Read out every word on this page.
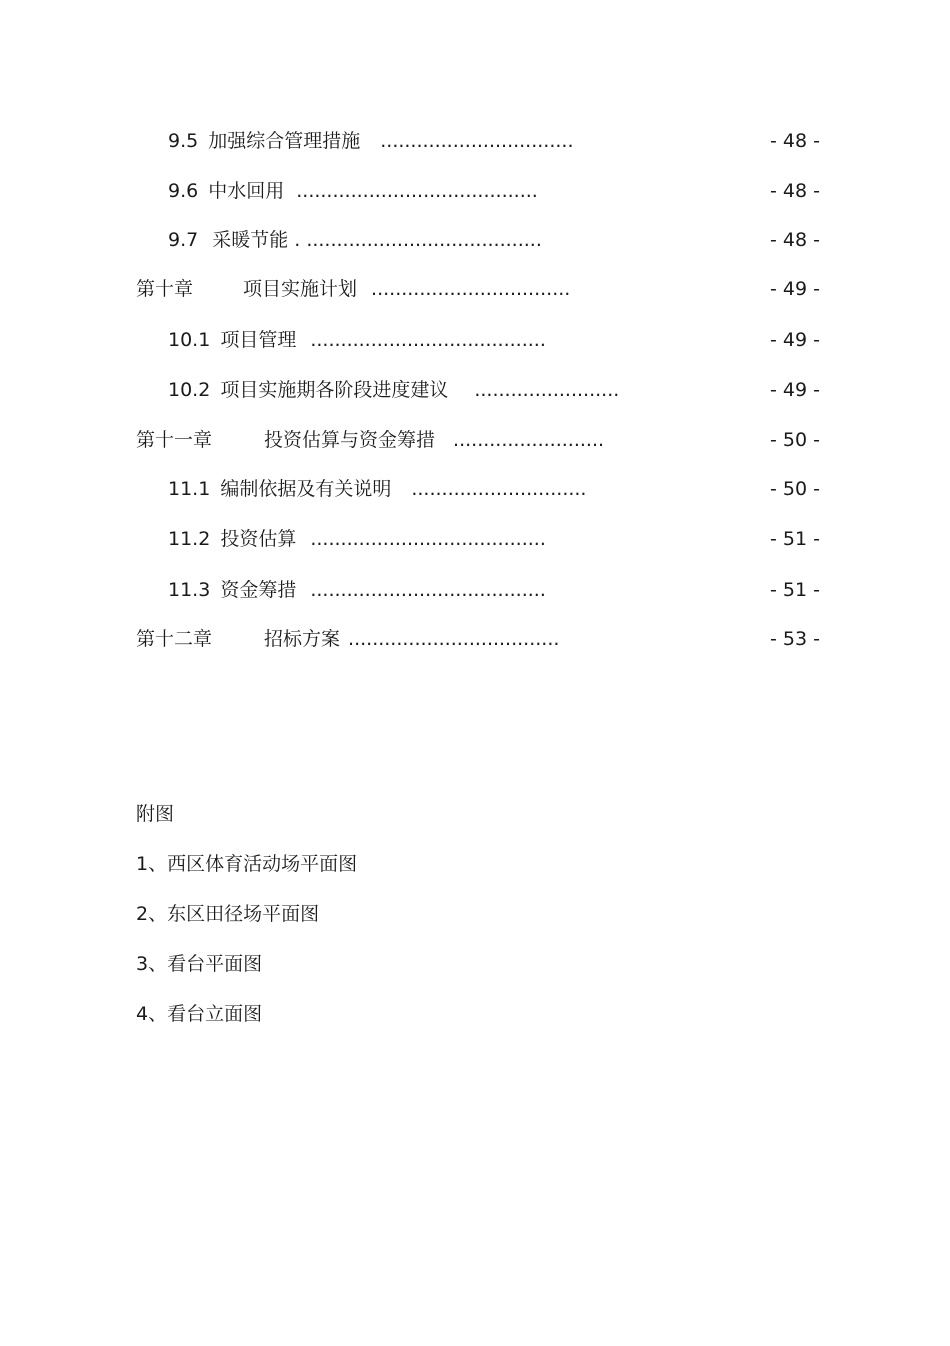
9.5 加强综合管理措施 ................................	- 48 -
9.6 中水回用 ........................................	- 48 -
9.7 采暖节能 . .......................................	- 48 -
第十章	项目实施计划 .................................	- 49 -
10.1 项目管理 .......................................	- 49 -
10.2 项目实施期各阶段进度建议 ........................	- 49 -
第十一章	投资估算与资金筹措 .........................	- 50 -
11.1 编制依据及有关说明 .............................	- 50 -
11.2 投资估算 .......................................	- 51 -
11.3 资金筹措 .......................................	- 51 -
第十二章	招标方案 ...................................	- 53 -
附图
1、西区体育活动场平面图
2、东区田径场平面图
3、看台平面图
4、看台立面图
